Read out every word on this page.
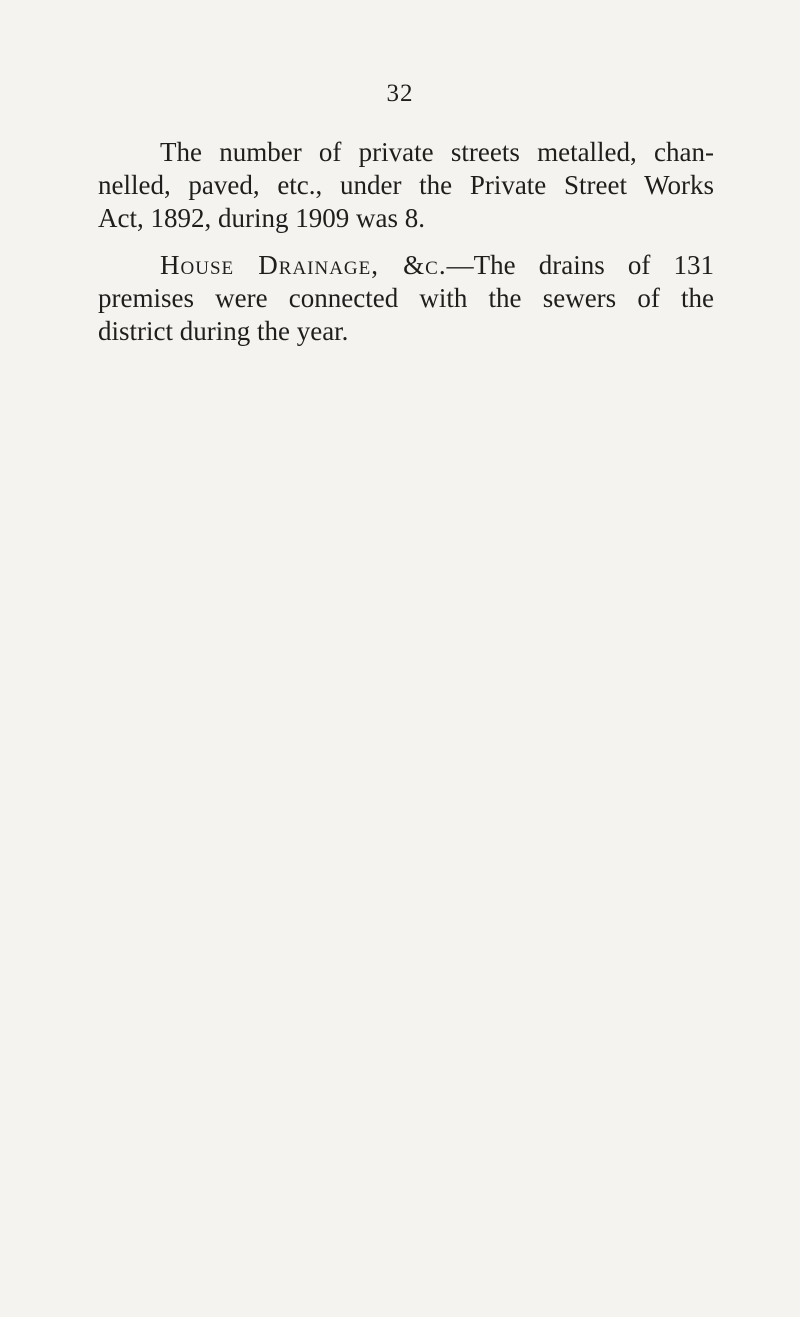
32
The number of private streets metalled, chan-
nelled, paved, etc., under the Private Street Works
Act, 1892, during 1909 was 8.
House Drainage, &c.—The drains of 131
premises were connected with the sewers of the
district during the year.
